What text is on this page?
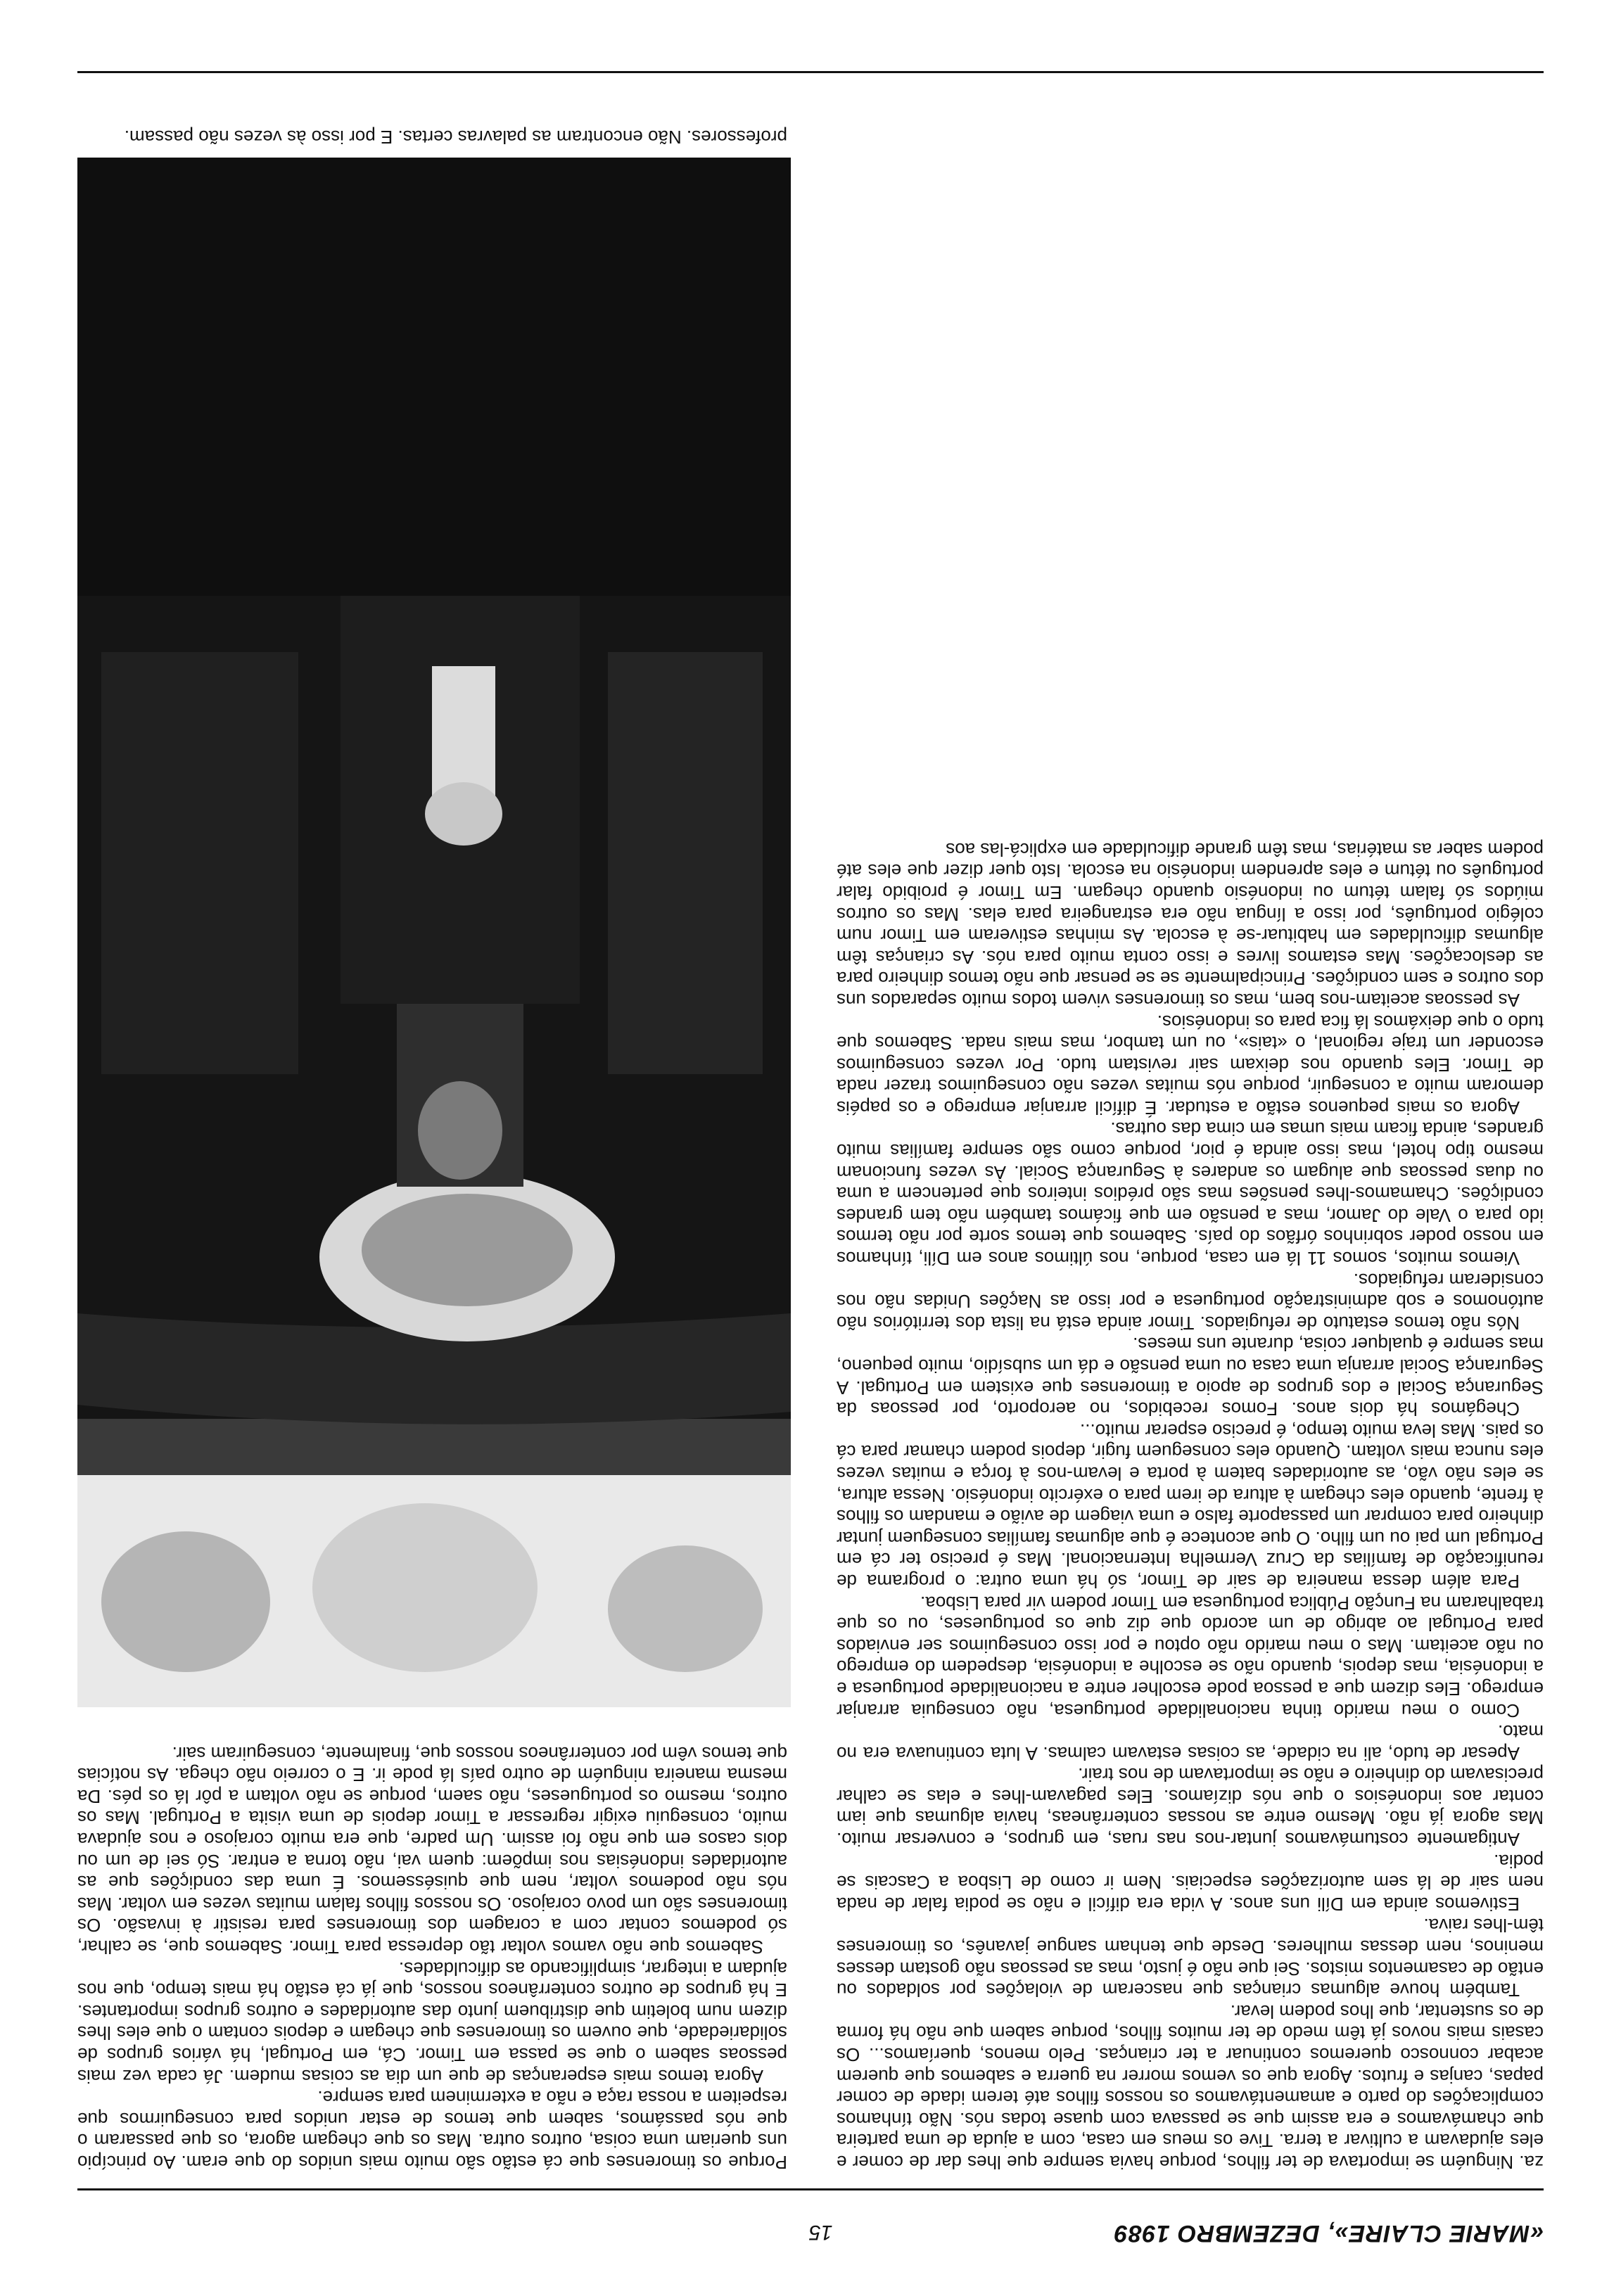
«MARIE CLAIRE», DEZEMBRO 1989
15

Porque os timorenses que cá estão são muito mais unidos do que eram. Ao princípio uns queriam uma coisa, outros outra. Mas os que chegam agora, os que passaram o que nós passámos, sabem que temos de estar unidos para conseguirmos que respeitem a nossa raça e não a exterminem para sempre.

Agora temos mais esperanças de que um dia as coisas mudem. Já cada vez mais pessoas sabem o que se passa em Timor. Cá, em Portugal, há vários grupos de solidariedade, que ouvem os timorenses que chegam e depois contam o que eles lhes dizem num boletim que distribuem junto das autoridades e outros grupos importantes. E há grupos de outros conterrâneos nossos, que já cá estão há mais tempo, que nos ajudam a integrar, simplificando as dificuldades.

Sabemos que não vamos voltar tão depressa para Timor. Sabemos que, se calhar, só podemos contar com a coragem dos timorenses para resistir à invasão. Os timorenses são um povo corajoso. Os nossos filhos falam muitas vezes em voltar. Mas nós não podemos voltar, nem que quiséssemos. É uma das condições que as autoridades indonésias nos impõem: quem vai, não torna a entrar. Só sei de um ou dois casos em que não foi assim. Um padre, que era muito corajoso e nos ajudava muito, conseguiu exigir regressar a Timor depois de uma visita a Portugal. Mas os outros, mesmo os portugueses, não saem, porque se não voltam a pôr lá os pés. Da mesma maneira ninguém de outro país lá pode ir. E o correio não chega. As notícias que temos vêm por conterrâneos nossos que, finalmente, conseguiram sair.

professores. Não encontram as palavras certas. E por isso às vezes não passam.

za. Ninguém se importava de ter filhos, porque havia sempre que lhes dar de comer e eles ajudavam a cultivar a terra. Tive os meus em casa, com a ajuda de uma parteira que chamávamos e era assim que se passava com quase todas nós. Não tínhamos complicações do parto e amamentávamos os nossos filhos até terem idade de comer papas, canjas e frutos. Agora que os vemos morrer na guerra e sabemos que querem acabar connosco queremos continuar a ter crianças. Pelo menos, queríamos... Os casais mais novos já têm medo de ter muitos filhos, porque sabem que não há forma de os sustentar, que lhos podem levar.

Também houve algumas crianças que nasceram de violações por soldados ou então de casamentos mistos. Sei que não é justo, mas as pessoas não gostam desses meninos, nem dessas mulheres. Desde que tenham sangue javanês, os timorenses têm-lhes raiva.

Estivemos ainda em Díli uns anos. A vida era difícil e não se podia falar de nada nem sair de lá sem autorizações especiais. Nem ir como de Lisboa a Cascais se podia.

Antigamente costumávamos juntar-nos nas ruas, em grupos, e conversar muito. Mas agora já não. Mesmo entre as nossas conterrâneas, havia algumas que iam contar aos indonésios o que nós dizíamos. Eles pagavam-lhes e elas se calhar precisavam do dinheiro e não se importavam de nos trair.

Apesar de tudo, ali na cidade, as coisas estavam calmas. A luta continuava era no mato.

Como o meu marido tinha nacionalidade portuguesa, não conseguia arranjar emprego. Eles dizem que a pessoa pode escolher entre a nacionalidade portuguesa e a indonésia, mas depois, quando não se escolhe a indonésia, despedem do emprego ou não aceitam. Mas o meu marido não optou e por isso conseguimos ser enviados para Portugal ao abrigo de um acordo que diz que os portugueses, ou os que trabalharam na Função Pública portuguesa em Timor podem vir para Lisboa.

Para além dessa maneira de sair de Timor, só há uma outra: o programa de reunificação de famílias da Cruz Vermelha Internacional. Mas é preciso ter cá em Portugal um pai ou um filho. O que acontece é que algumas famílias conseguem juntar dinheiro para comprar um passaporte falso e uma viagem de avião e mandam os filhos à frente, quando eles chegam à altura de irem para o exército indonésio. Nessa altura, se eles não vão, as autoridades batem à porta e levam-nos à força e muitas vezes eles nunca mais voltam. Quando eles conseguem fugir, depois podem chamar para cá os pais. Mas leva muito tempo, é preciso esperar muito...

Chegámos há dois anos. Fomos recebidos, no aeroporto, por pessoas da Segurança Social e dos grupos de apoio a timorenses que existem em Portugal. A Segurança Social arranja uma casa ou uma pensão e dá um subsídio, muito pequeno, mas sempre é qualquer coisa, durante uns meses.

Nós não temos estatuto de refugiados. Timor ainda está na lista dos territórios não autónomos e sob administração portuguesa e por isso as Nações Unidas não nos consideram refugiados.

Viemos muitos, somos 11 lá em casa, porque, nos últimos anos em Díli, tínhamos em nosso poder sobrinhos órfãos do país. Sabemos que temos sorte por não termos ido para o Vale do Jamor, mas a pensão em que ficámos também não tem grandes condições. Chamamos-lhes pensões mas são prédios inteiros que pertencem a uma ou duas pessoas que alugam os andares à Segurança Social. Às vezes funcionam mesmo tipo hotel, mas isso ainda é pior, porque como são sempre famílias muito grandes, ainda ficam mais umas em cima das outras.

Agora os mais pequenos estão a estudar. É difícil arranjar emprego e os papéis demoram muito a conseguir, porque nós muitas vezes não conseguimos trazer nada de Timor. Eles quando nos deixam sair revistam tudo. Por vezes conseguimos esconder um traje regional, o «tais», ou um tambor, mas mais nada. Sabemos que tudo o que deixámos lá fica para os indonésios.

As pessoas aceitam-nos bem, mas os timorenses vivem todos muito separados uns dos outros e sem condições. Principalmente se se pensar que não temos dinheiro para as deslocações. Mas estamos livres e isso conta muito para nós. As crianças têm algumas dificuldades em habituar-se à escola. As minhas estiveram em Timor num colégio português, por isso a língua não era estrangeira para elas. Mas os outros miúdos só falam tétum ou indonésio quando chegam. Em Timor é proibido falar português ou tétum e eles aprendem indonésio na escola. Isto quer dizer que eles até podem saber as matérias, mas têm grande dificuldade em explicá-las aos
